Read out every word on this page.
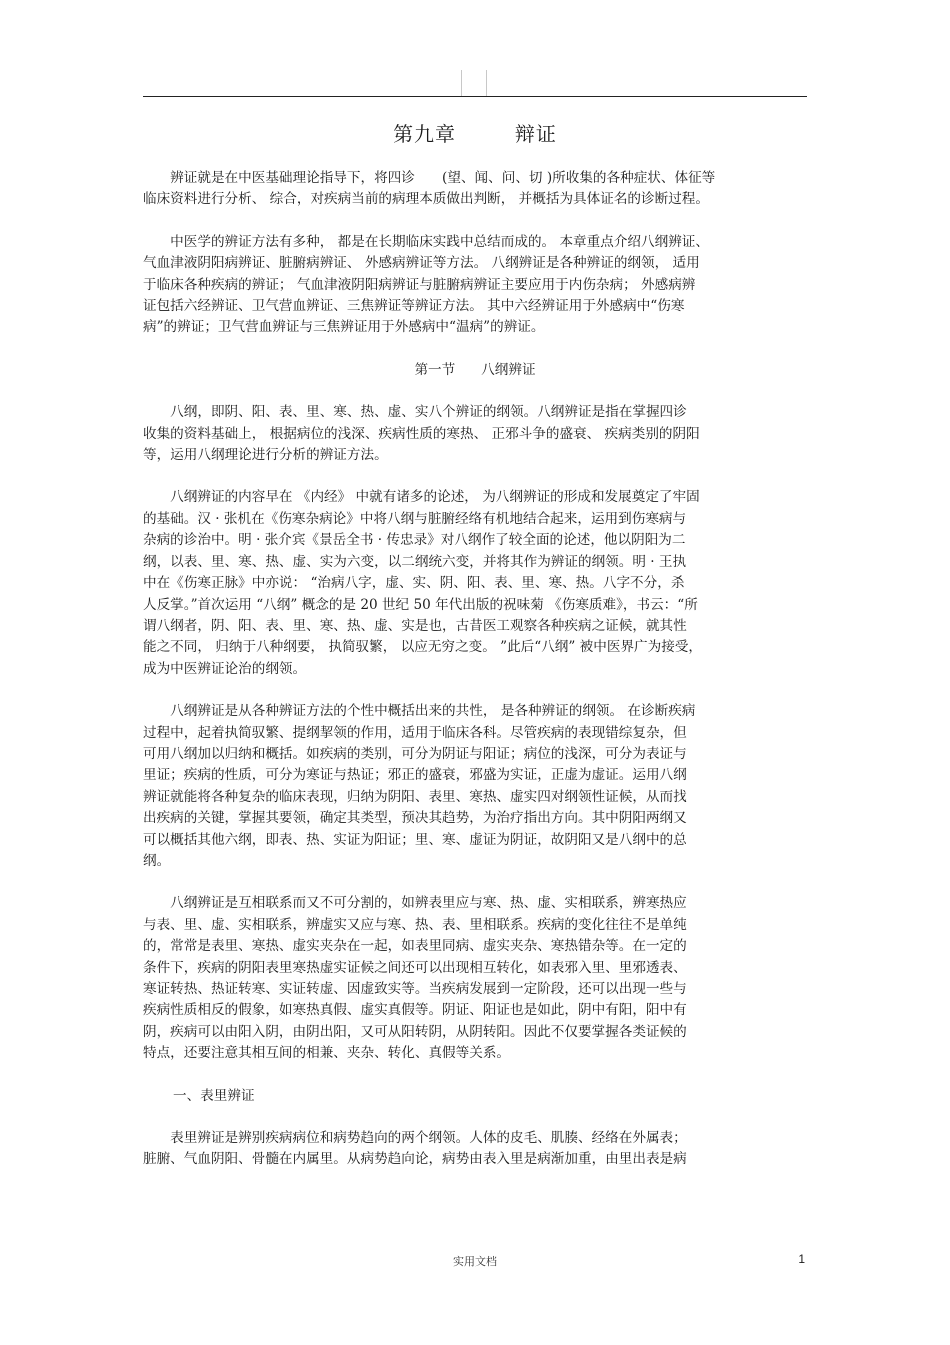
第九章        辩证
　　辨证就是在中医基础理论指导下，将四诊　　(望、闻、问、切 )所收集的各种症状、体征等
临床资料进行分析、 综合，对疾病当前的病理本质做出判断， 并概括为具体证名的诊断过程。
　　中医学的辨证方法有多种， 都是在长期临床实践中总结而成的。 本章重点介绍八纲辨证、
气血津液阴阳病辨证、脏腑病辨证、 外感病辨证等方法。 八纲辨证是各种辨证的纲领， 适用
于临床各种疾病的辨证； 气血津液阴阳病辨证与脏腑病辨证主要应用于内伤杂病； 外感病辨
证包括六经辨证、卫气营血辨证、三焦辨证等辨证方法。 其中六经辨证用于外感病中“伤寒
病”的辨证；卫气营血辨证与三焦辨证用于外感病中“温病”的辨证。
第一节      八纲辨证
　　八纲，即阴、阳、表、里、寒、热、虚、实八个辨证的纲领。八纲辨证是指在掌握四诊
收集的资料基础上， 根据病位的浅深、疾病性质的寒热、 正邪斗争的盛衰、 疾病类别的阴阳
等，运用八纲理论进行分析的辨证方法。
　　八纲辨证的内容早在 《内经》 中就有诸多的论述， 为八纲辨证的形成和发展奠定了牢固
的基础。汉 · 张机在《伤寒杂病论》中将八纲与脏腑经络有机地结合起来，运用到伤寒病与
杂病的诊治中。明 · 张介宾《景岳全书 · 传忠录》对八纲作了较全面的论述，他以阴阳为二
纲，以表、里、寒、热、虚、实为六变，以二纲统六变，并将其作为辨证的纲领。明 · 王执
中在《伤寒正脉》中亦说： “治病八字，虚、实、阴、阳、表、里、寒、热。八字不分，杀
人反掌。”首次运用 “八纲” 概念的是 20 世纪 50 年代出版的祝味菊 《伤寒质难》，书云：“所
谓八纲者，阴、阳、表、里、寒、热、虚、实是也，古昔医工观察各种疾病之证候，就其性
能之不同， 归纳于八种纲要， 执简驭繁， 以应无穷之变。 ”此后“八纲” 被中医界广为接受，
成为中医辨证论治的纲领。
　　八纲辨证是从各种辨证方法的个性中概括出来的共性， 是各种辨证的纲领。 在诊断疾病
过程中，起着执简驭繁、提纲挈领的作用，适用于临床各科。尽管疾病的表现错综复杂，但
可用八纲加以归纳和概括。如疾病的类别，可分为阴证与阳证；病位的浅深，可分为表证与
里证；疾病的性质，可分为寒证与热证；邪正的盛衰，邪盛为实证，正虚为虚证。运用八纲
辨证就能将各种复杂的临床表现，归纳为阴阳、表里、寒热、虚实四对纲领性证候，从而找
出疾病的关键，掌握其要领，确定其类型，预决其趋势，为治疗指出方向。其中阴阳两纲又
可以概括其他六纲，即表、热、实证为阳证；里、寒、虚证为阴证，故阴阳又是八纲中的总
纲。
　　八纲辨证是互相联系而又不可分割的，如辨表里应与寒、热、虚、实相联系，辨寒热应
与表、里、虚、实相联系，辨虚实又应与寒、热、表、里相联系。疾病的变化往往不是单纯
的，常常是表里、寒热、虚实夹杂在一起，如表里同病、虚实夹杂、寒热错杂等。在一定的
条件下，疾病的阴阳表里寒热虚实证候之间还可以出现相互转化，如表邪入里、里邪透表、
寒证转热、热证转寒、实证转虚、因虚致实等。当疾病发展到一定阶段，还可以出现一些与
疾病性质相反的假象，如寒热真假、虚实真假等。阴证、阳证也是如此，阴中有阳，阳中有
阴，疾病可以由阳入阴，由阴出阳，又可从阳转阴，从阴转阳。因此不仅要掌握各类证候的
特点，还要注意其相互间的相兼、夹杂、转化、真假等关系。
一、表里辨证
　　表里辨证是辨别疾病病位和病势趋向的两个纲领。人体的皮毛、肌腠、经络在外属表；
脏腑、气血阴阳、骨髓在内属里。从病势趋向论，病势由表入里是病渐加重，由里出表是病
实用文档	1
